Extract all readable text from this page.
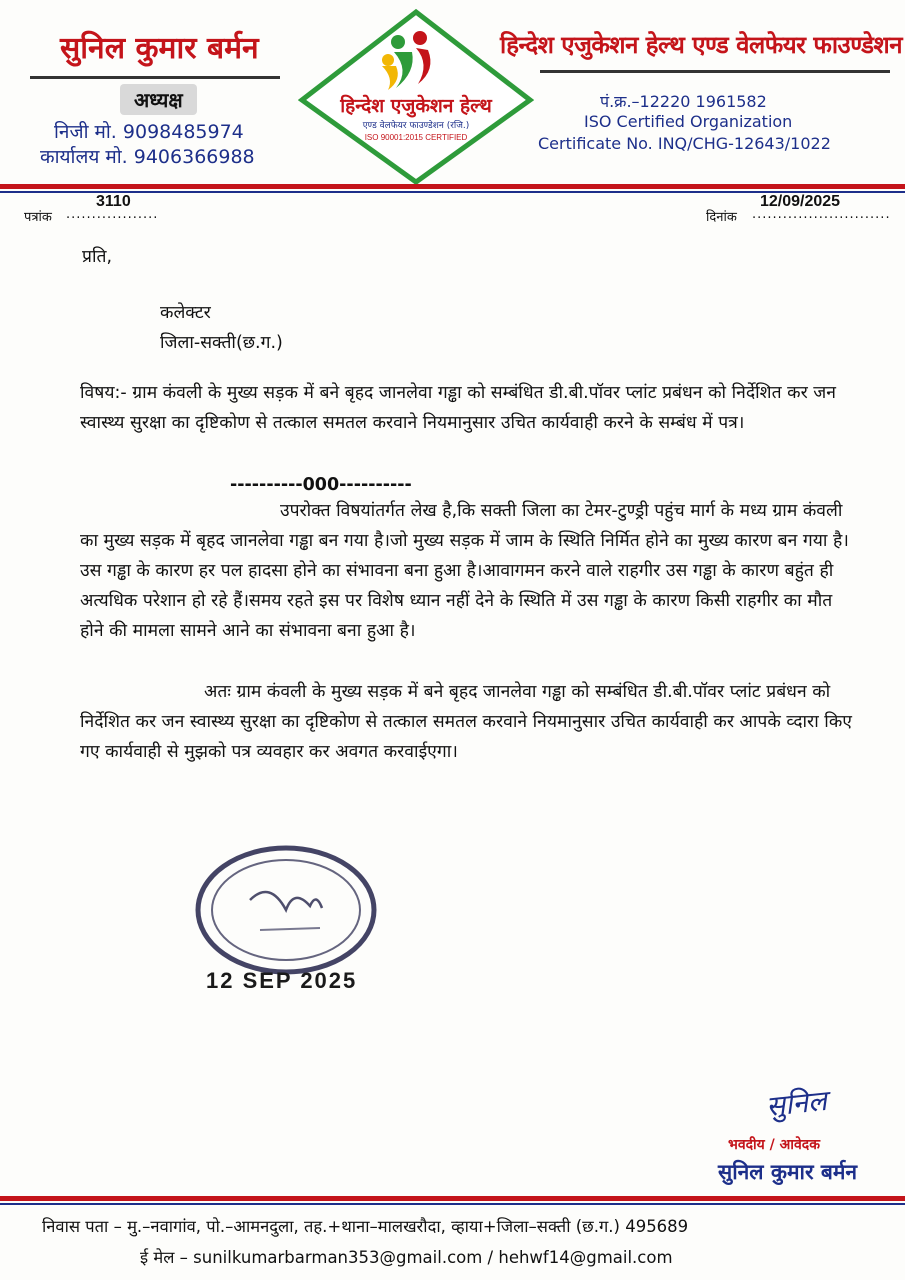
सुनिल कुमार बर्मन
अध्यक्ष
निजी मो. 9098485974
कार्यालय मो. 9406366988
हिन्देश एजुकेशन हेल्थ
एण्ड वेलफेयर फाउण्डेशन (रजि.)
ISO 90001:2015 CERTIFIED
हिन्देश एजुकेशन हेल्थ एण्ड वेलफेयर फाउण्डेशन
पं.क्र.–12220 1961582
ISO Certified Organization
Certificate No. INQ/CHG-12643/1022
पत्रांक ..................
3110
दिनांक ...........................
12/09/2025
प्रति,
कलेक्टर
जिला-सक्ती(छ.ग.)
विषय:- ग्राम कंवली के मुख्य सड़क में बने बृहद जानलेवा गड्ढा को सम्बंधित डी.बी.पॉवर प्लांट प्रबंधन को निर्देशित कर जन स्वास्थ्य सुरक्षा का दृष्टिकोण से तत्काल समतल करवाने नियमानुसार उचित कार्यवाही करने के सम्बंध में पत्र।
----------000----------
उपरोक्त विषयांतर्गत लेख है,कि सक्ती जिला का टेमर-टुण्ड्री पहुंच मार्ग के मध्य ग्राम कंवली का मुख्य सड़क में बृहद जानलेवा गड्ढा बन गया है।जो मुख्य सड़क में जाम के स्थिति निर्मित होने का मुख्य कारण बन गया है।उस गड्ढा के कारण हर पल हादसा होने का संभावना बना हुआ है।आवागमन करने वाले राहगीर उस गड्ढा के कारण बहुंत ही अत्यधिक परेशान हो रहे हैं।समय रहते इस पर विशेष ध्यान नहीं देने के स्थिति में उस गड्ढा के कारण किसी राहगीर का मौत होने की मामला सामने आने का संभावना बना हुआ है।
अतः ग्राम कंवली के मुख्य सड़क में बने बृहद जानलेवा गड्ढा को सम्बंधित डी.बी.पॉवर प्लांट प्रबंधन को निर्देशित कर जन स्वास्थ्य सुरक्षा का दृष्टिकोण से तत्काल समतल करवाने नियमानुसार उचित कार्यवाही कर आपके व्दारा किए गए कार्यवाही से मुझको पत्र व्यवहार कर अवगत करवाईएगा।
12 SEP 2025
सुनिल
भवदीय / आवेदक
सुनिल कुमार बर्मन
निवास पता – मु.–नवागांव, पो.–आमनदुला, तह.+थाना–मालखरौदा, व्हाया+जिला–सक्ती (छ.ग.) 495689
ई मेल – sunilkumarbarman353@gmail.com / hehwf14@gmail.com
